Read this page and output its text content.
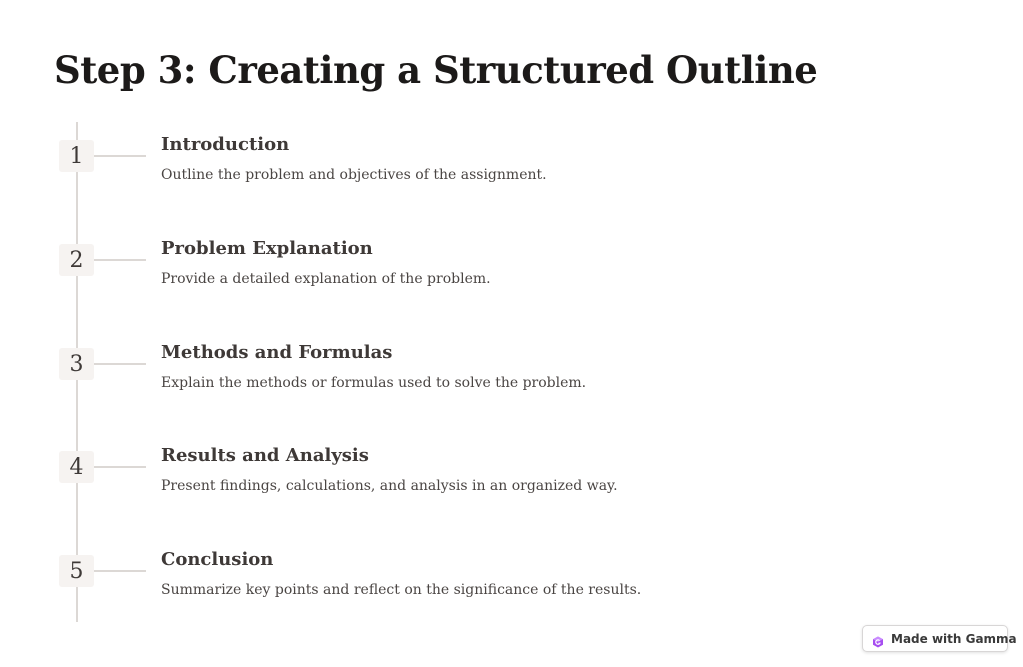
Step 3: Creating a Structured Outline
1	Introduction

Outline the problem and objectives of the assignment.

2	Problem Explanation

Provide a detailed explanation of the problem.

3	Methods and Formulas

Explain the methods or formulas used to solve the problem.

4	Results and Analysis

Present findings, calculations, and analysis in an organized way.

5	Conclusion

Summarize key points and reflect on the significance of the results.

Made with Gamma
